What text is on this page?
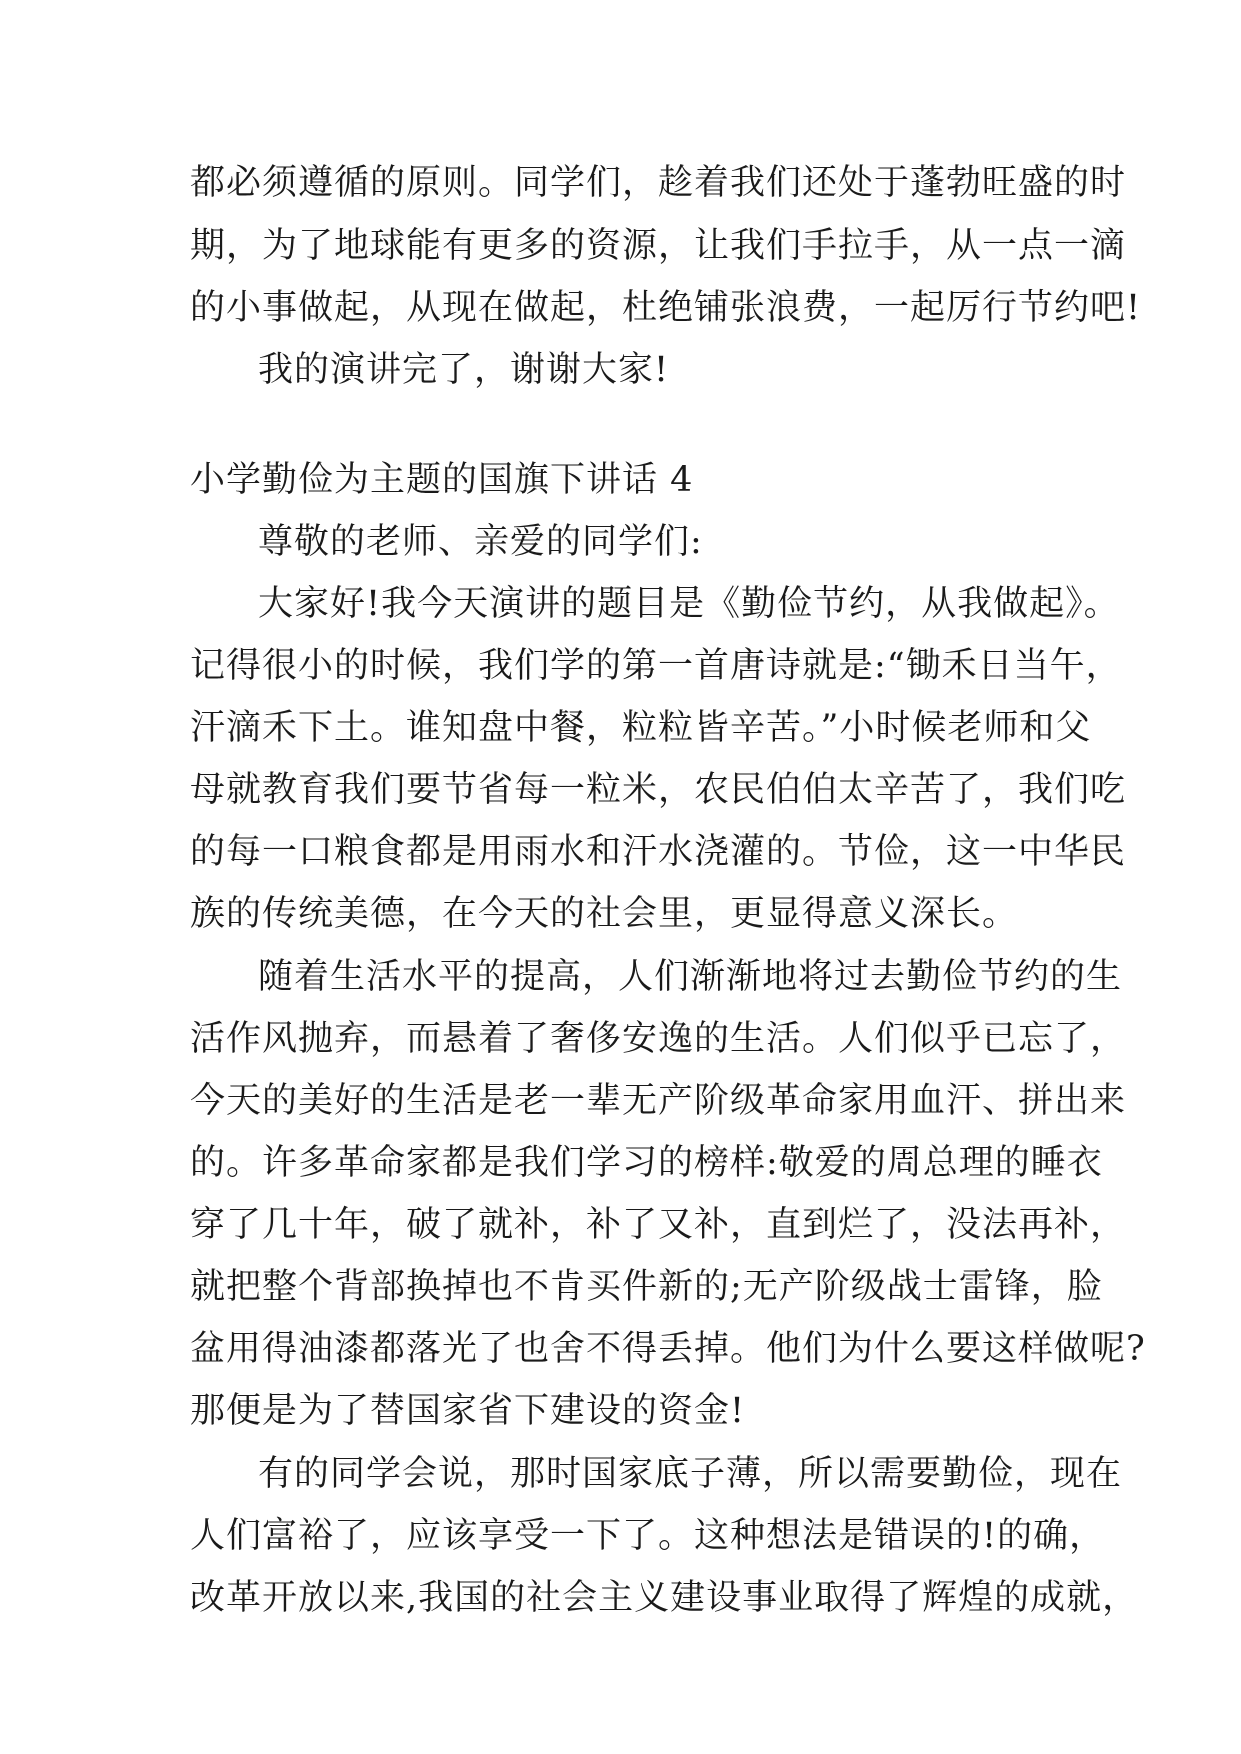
都必须遵循的原则。同学们，趁着我们还处于蓬勃旺盛的时
期，为了地球能有更多的资源，让我们手拉手，从一点一滴
的小事做起，从现在做起，杜绝铺张浪费，一起厉行节约吧!
我的演讲完了，谢谢大家!
小学勤俭为主题的国旗下讲话 4
尊敬的老师、亲爱的同学们:
大家好!我今天演讲的题目是《勤俭节约，从我做起》。
记得很小的时候，我们学的第一首唐诗就是:“锄禾日当午，
汗滴禾下土。谁知盘中餐，粒粒皆辛苦。”小时候老师和父
母就教育我们要节省每一粒米，农民伯伯太辛苦了，我们吃
的每一口粮食都是用雨水和汗水浇灌的。节俭，这一中华民
族的传统美德，在今天的社会里，更显得意义深长。
随着生活水平的提高，人们渐渐地将过去勤俭节约的生
活作风抛弃，而悬着了奢侈安逸的生活。人们似乎已忘了，
今天的美好的生活是老一辈无产阶级革命家用血汗、拼出来
的。许多革命家都是我们学习的榜样:敬爱的周总理的睡衣
穿了几十年，破了就补，补了又补，直到烂了，没法再补，
就把整个背部换掉也不肯买件新的;无产阶级战士雷锋，脸
盆用得油漆都落光了也舍不得丢掉。他们为什么要这样做呢?
那便是为了替国家省下建设的资金!
有的同学会说，那时国家底子薄，所以需要勤俭，现在
人们富裕了，应该享受一下了。这种想法是错误的!的确，
改革开放以来,我国的社会主义建设事业取得了辉煌的成就，
